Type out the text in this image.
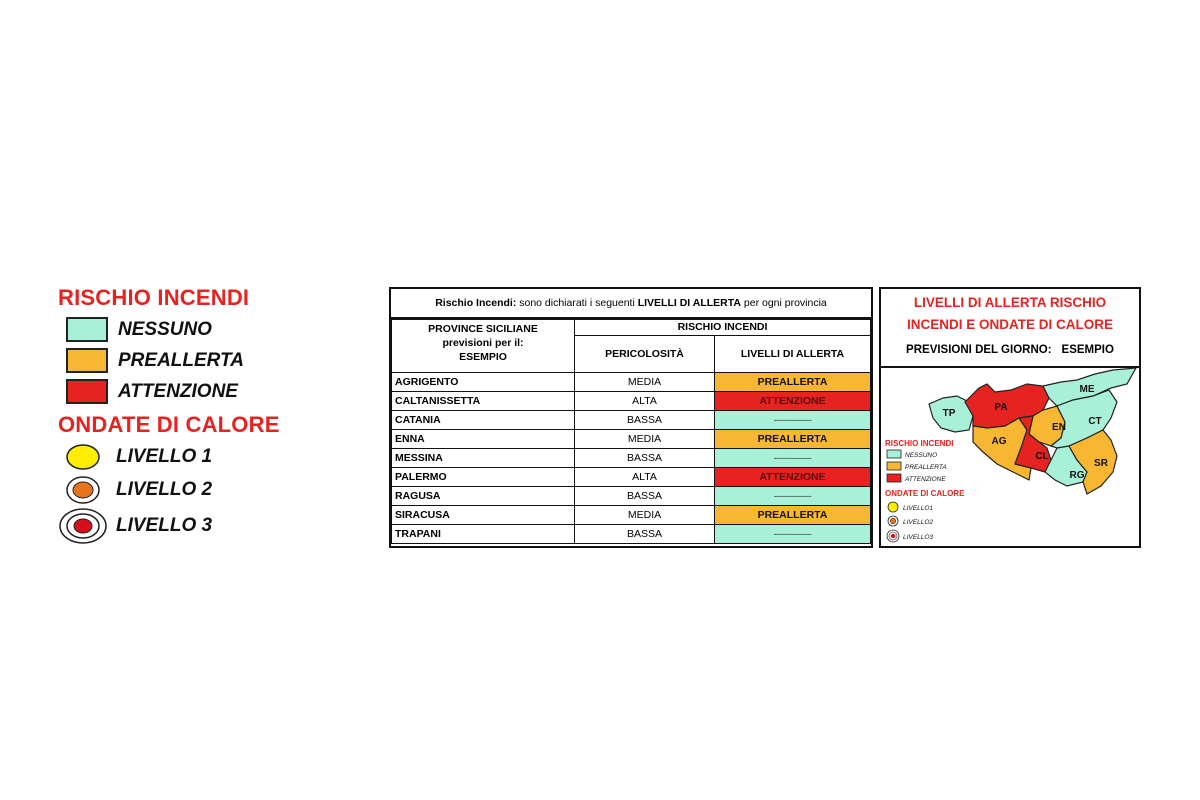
RISCHIO INCENDI
NESSUNO
PREALLERTA
ATTENZIONE
ONDATE DI CALORE
LIVELLO 1
LIVELLO 2
LIVELLO 3
Rischio Incendi: sono dichiarati i seguenti LIVELLI DI ALLERTA per ogni provincia
PROVINCE SICILIANE
previsioni per il:
ESEMPIO	RISCHIO INCENDI	
	PERICOLOSITÀ	LIVELLI DI ALLERTA
AGRIGENTO	MEDIA	PREALLERTA
CALTANISSETTA	ALTA	ATTENZIONE
CATANIA	BASSA	---------------
ENNA	MEDIA	PREALLERTA
MESSINA	BASSA	---------------
PALERMO	ALTA	ATTENZIONE
RAGUSA	BASSA	---------------
SIRACUSA	MEDIA	PREALLERTA
TRAPANI	BASSA	---------------
LIVELLI DI ALLERTA RISCHIO
INCENDI E ONDATE DI CALORE
PREVISIONI DEL GIORNO: ESEMPIO
TP
PA
ME
AG
EN
CT
CL
RG
SR
RISCHIO INCENDI
NESSUNO
PREALLERTA
ATTENZIONE
ONDATE DI CALORE
LIVELLO1
LIVELLO2
LIVELLO3
